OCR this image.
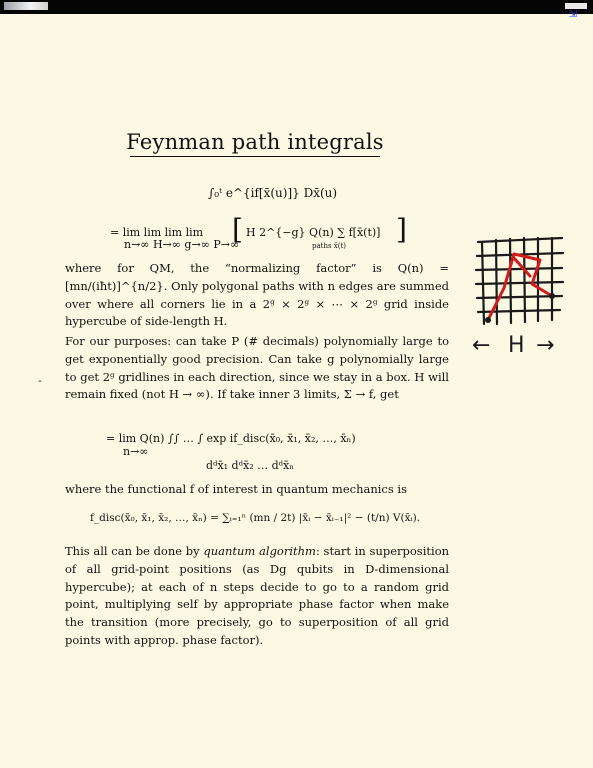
⇲
Feynman path integrals
∫₀ᵗ e^{if[x̄(u)]} Dx̄(u)
= lim lim lim lim
n→∞ H→∞ g→∞ P→∞
[ H 2^{−g} Q(n) ∑ f[x̄(t)]
paths x̄(t) ]

where for QM, the “normalizing factor” is Q(n) = [mn/(iħt)]^{n/2}. Only polygonal paths with n edges are summed over where all corners lie in a 2ᵍ × 2ᵍ × ⋯ × 2ᵍ grid inside hypercube of side-length H.

For our purposes: can take P (# decimals) polynomially large to get exponentially good precision. Can take g polynomially large to get 2ᵍ gridlines in each direction, since we stay in a box. H will remain fixed (not H → ∞). If take inner 3 limits, Σ → f, get

-
= lim Q(n) ∫∫ … ∫ exp if_disc(x̄₀, x̄₁, x̄₂, …, x̄ₙ)
n→∞
dᵈx̄₁ dᵈx̄₂ … dᵈx̄ₙ

where the functional f of interest in quantum mechanics is

f_disc(x̄₀, x̄₁, x̄₂, …, x̄ₙ) = ∑ᵢ₌₁ⁿ (mn / 2t) |x̄ᵢ − x̄ᵢ₋₁|² − (t/n) V(x̄ᵢ).

This all can be done by quantum algorithm: start in superposition of all grid-point positions (as Dg qubits in D-dimensional hypercube); at each of n steps decide to go to a random grid point, multiplying self by appropriate phase factor when make the transition (more precisely, go to superposition of all grid points with approp. phase factor).

← H →
